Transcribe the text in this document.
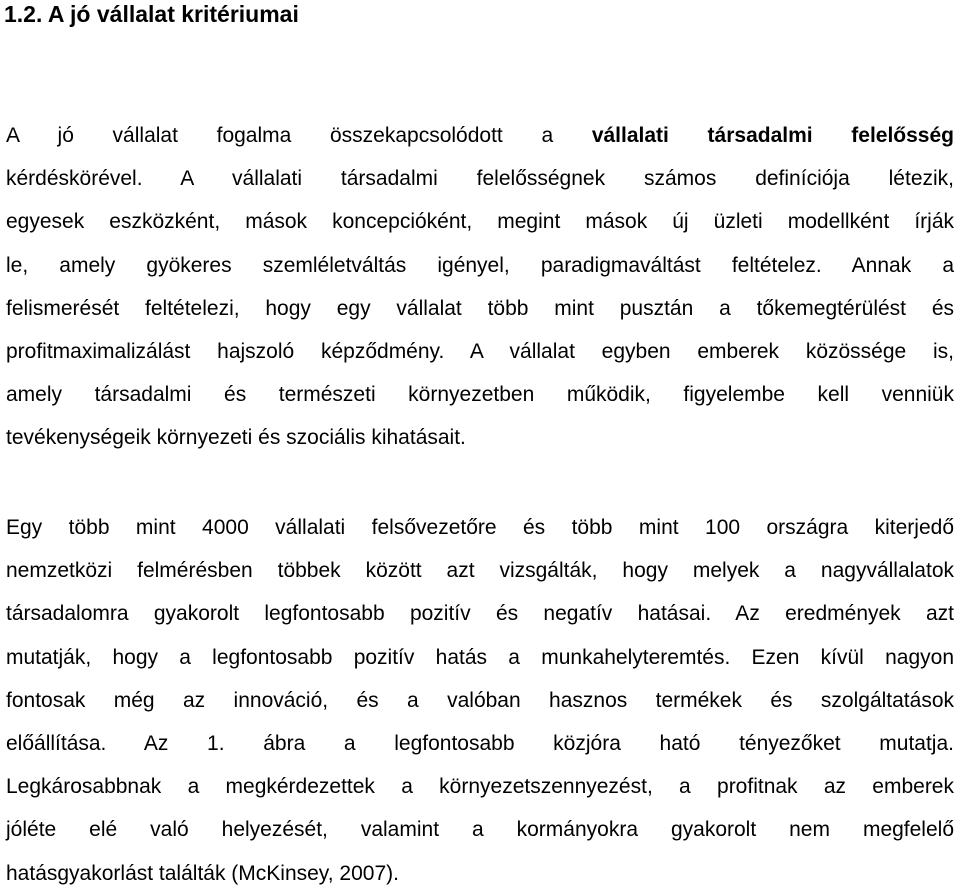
1.2. A jó vállalat kritériumai
A jó vállalat fogalma összekapcsolódott a vállalati társadalmi felelősség
kérdéskörével. A vállalati társadalmi felelősségnek számos definíciója létezik,
egyesek eszközként, mások koncepcióként, megint mások új üzleti modellként írják
le, amely gyökeres szemléletváltás igényel, paradigmaváltást feltételez. Annak a
felismerését feltételezi, hogy egy vállalat több mint pusztán a tőkemegtérülést és
profitmaximalizálást hajszoló képződmény. A vállalat egyben emberek közössége is,
amely társadalmi és természeti környezetben működik, figyelembe kell venniük
tevékenységeik környezeti és szociális kihatásait.
Egy több mint 4000 vállalati felsővezetőre és több mint 100 országra kiterjedő
nemzetközi felmérésben többek között azt vizsgálták, hogy melyek a nagyvállalatok
társadalomra gyakorolt legfontosabb pozitív és negatív hatásai. Az eredmények azt
mutatják, hogy a legfontosabb pozitív hatás a munkahelyteremtés. Ezen kívül nagyon
fontosak még az innováció, és a valóban hasznos termékek és szolgáltatások
előállítása. Az 1. ábra a legfontosabb közjóra ható tényezőket mutatja.
Legkárosabbnak a megkérdezettek a környezetszennyezést, a profitnak az emberek
jóléte elé való helyezését, valamint a kormányokra gyakorolt nem megfelelő
hatásgyakorlást találták (McKinsey, 2007).
